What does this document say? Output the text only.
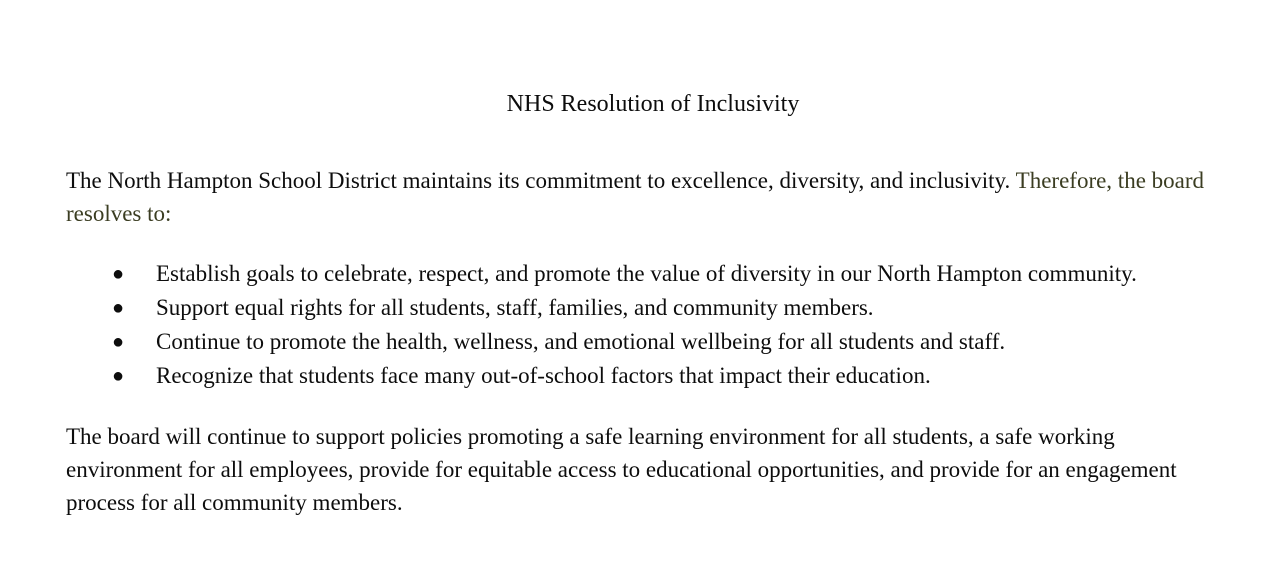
NHS Resolution of Inclusivity

The North Hampton School District maintains its commitment to excellence, diversity, and inclusivity. Therefore, the board resolves to:

● Establish goals to celebrate, respect, and promote the value of diversity in our North Hampton community.
● Support equal rights for all students, staff, families, and community members.
● Continue to promote the health, wellness, and emotional wellbeing for all students and staff.
● Recognize that students face many out-of-school factors that impact their education.

The board will continue to support policies promoting a safe learning environment for all students, a safe working environment for all employees, provide for equitable access to educational opportunities, and provide for an engagement process for all community members.
